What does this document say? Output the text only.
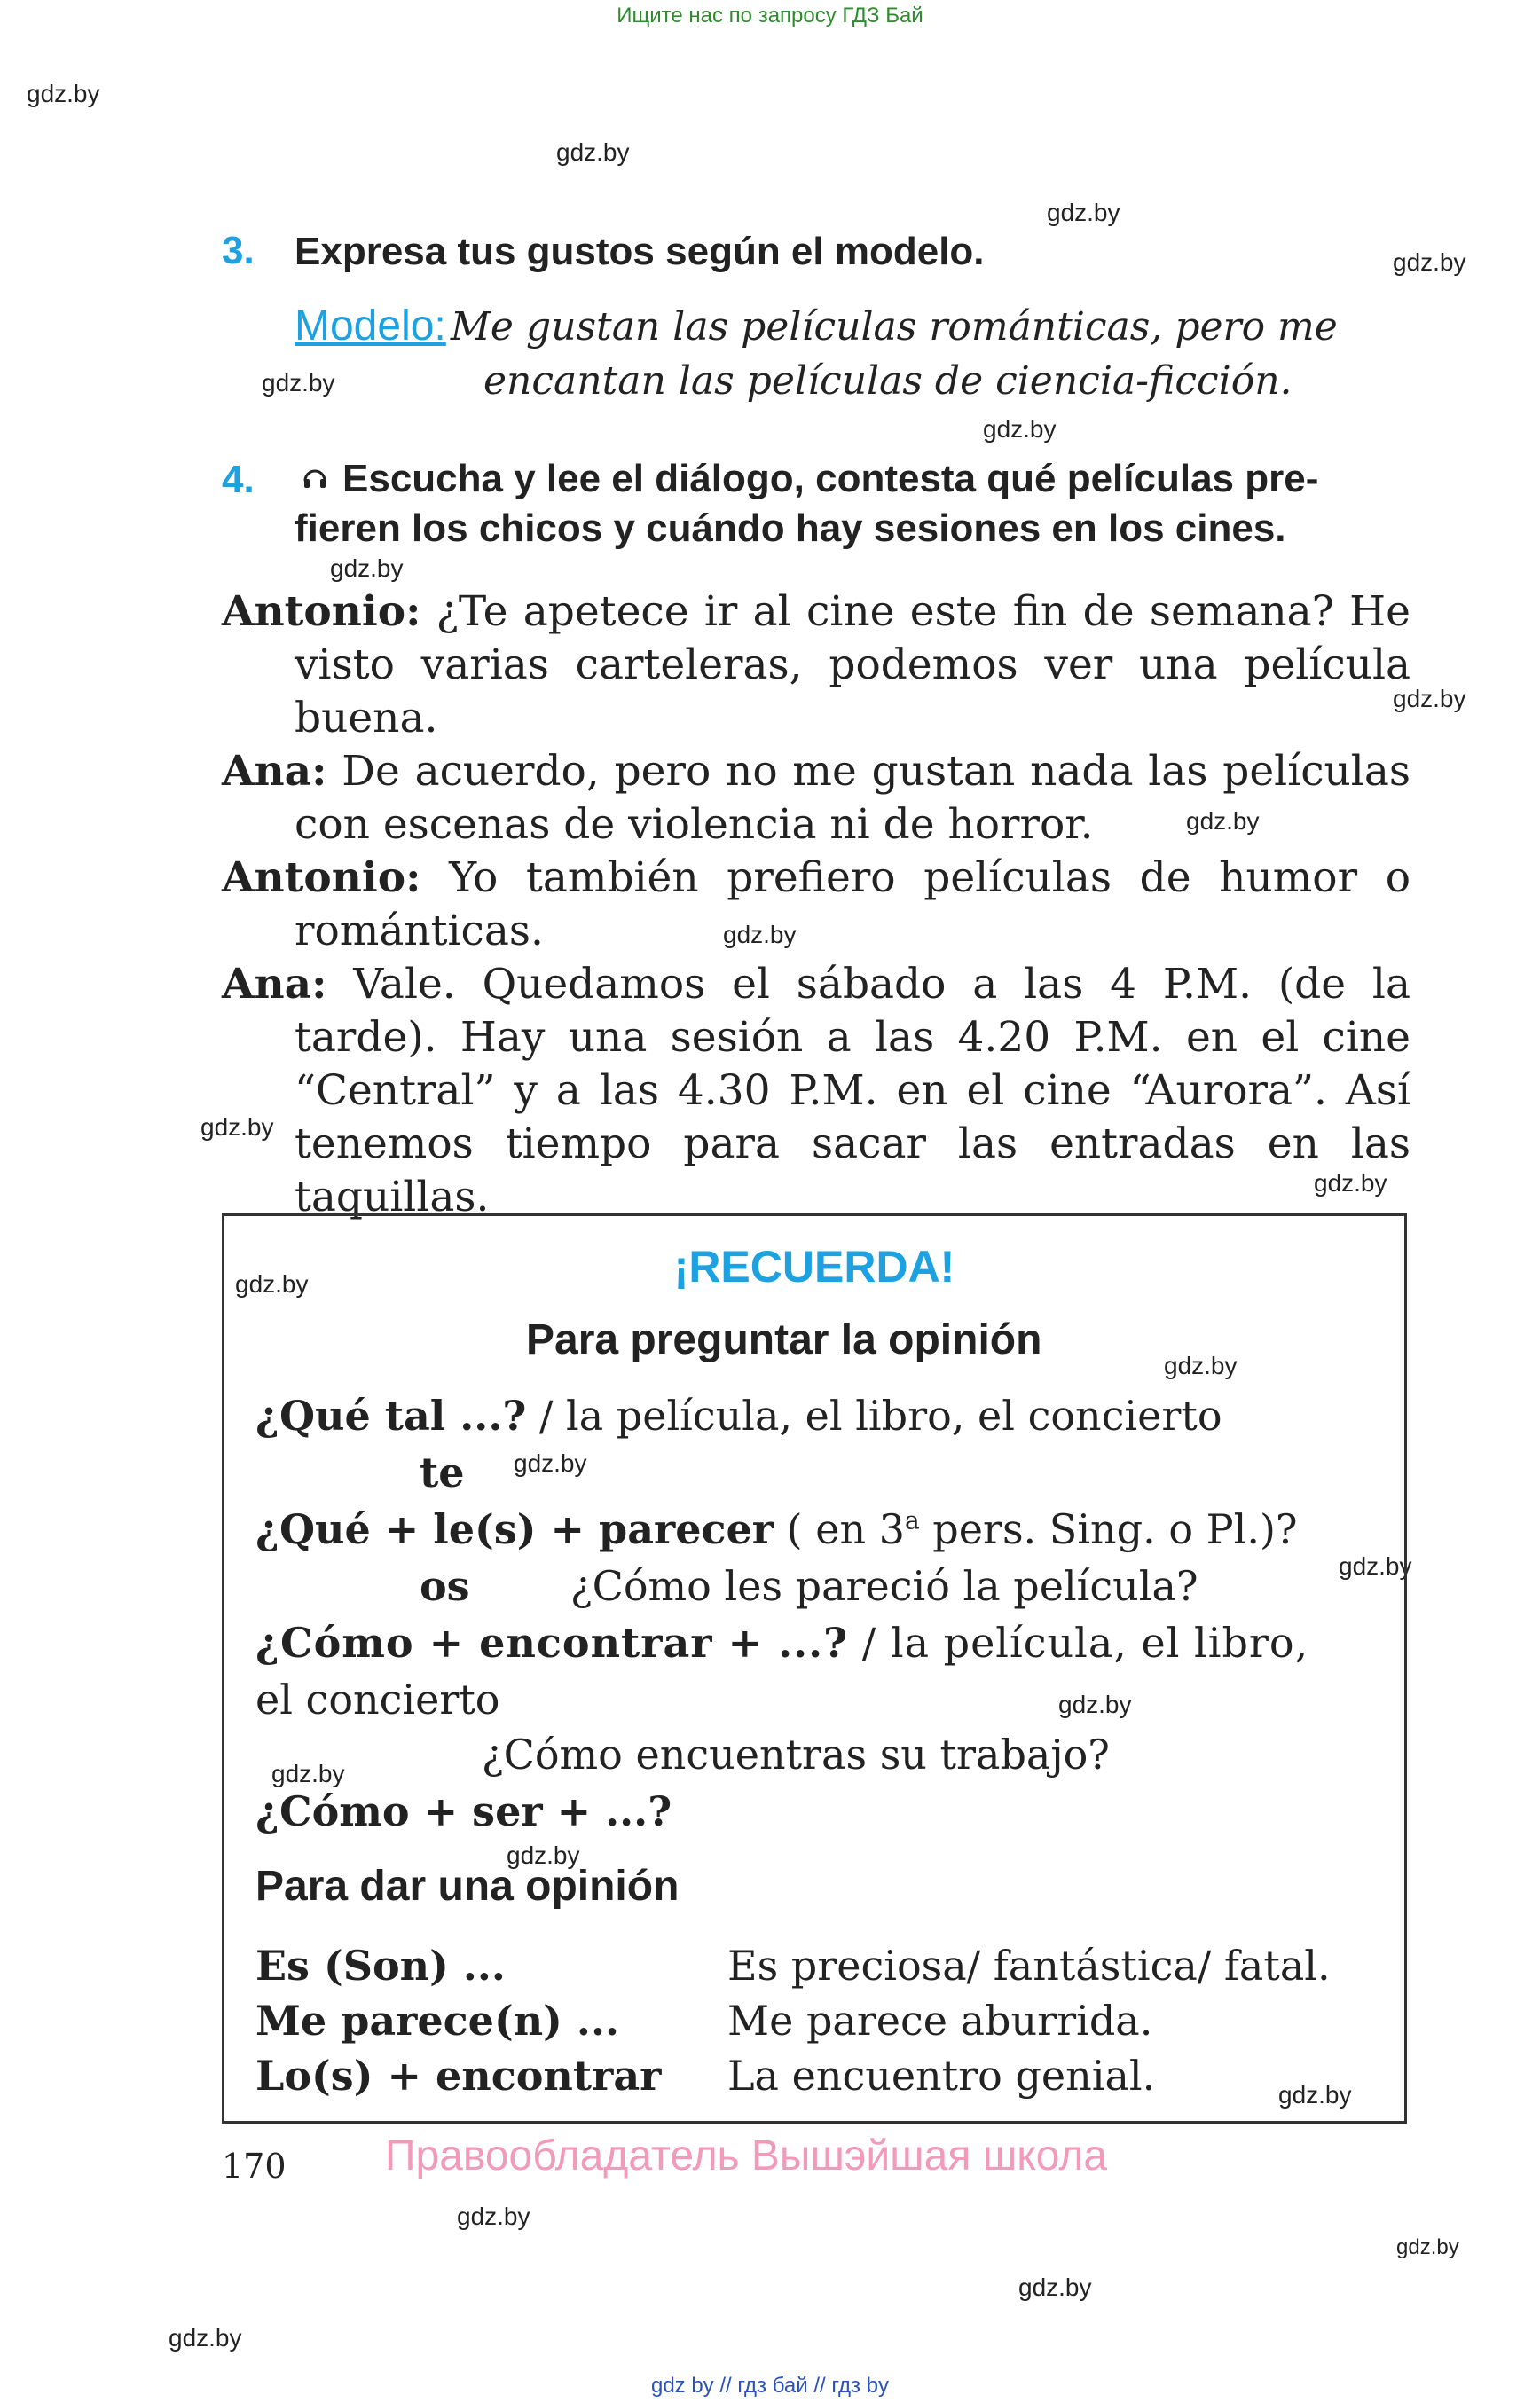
Ищите нас по запросу ГДЗ Бай
gdz.by
gdz.by
gdz.by
gdz.by
gdz.by
gdz.by
gdz.by
gdz.by
gdz.by
gdz.by
gdz.by
gdz.by
gdz.by
gdz.by
gdz.by
gdz.by
gdz.by
gdz.by
gdz.by
gdz.by
gdz.by
gdz.by
gdz.by
gdz.by
3. Expresa tus gustos según el modelo.
Modelo: Me gustan las películas románticas, pero me
encantan las películas de ciencia-ficción.
4. Escucha y lee el diálogo, contesta qué películas pre-
fieren los chicos y cuándo hay sesiones en los cines.
Antonio: ¿Te apetece ir al cine este fin de semana? He visto varias carteleras, podemos ver una película buena.
Ana: De acuerdo, pero no me gustan nada las películas con escenas de violencia ni de horror.
Antonio: Yo también prefiero películas de humor o románticas.
Ana: Vale. Quedamos el sábado a las 4 P.M. (de la tarde). Hay una sesión a las 4.20 P.M. en el cine “Central” y a las 4.30 P.M. en el cine “Aurora”. Así tenemos tiempo para sacar las entradas en las taquillas.
¡RECUERDA!
Para preguntar la opinión
¿Qué tal ...? / la película, el libro, el concierto
te
¿Qué + le(s) + parecer ( en 3$^a$ pers. Sing. o Pl.)?
os ¿Cómo les pareció la película?
¿Cómo + encontrar + ...? / la película, el libro,
el concierto
¿Cómo encuentras su trabajo?
¿Cómo + ser + ...?
Para dar una opinión
Es (Son) ...	Es preciosa/ fantástica/ fatal.
Me parece(n) ...	Me parece aburrida.
Lo(s) + encontrar La encuentro genial.
170 Правообладатель Вышэйшая школа
gdz by // гдз бай // гдз by
